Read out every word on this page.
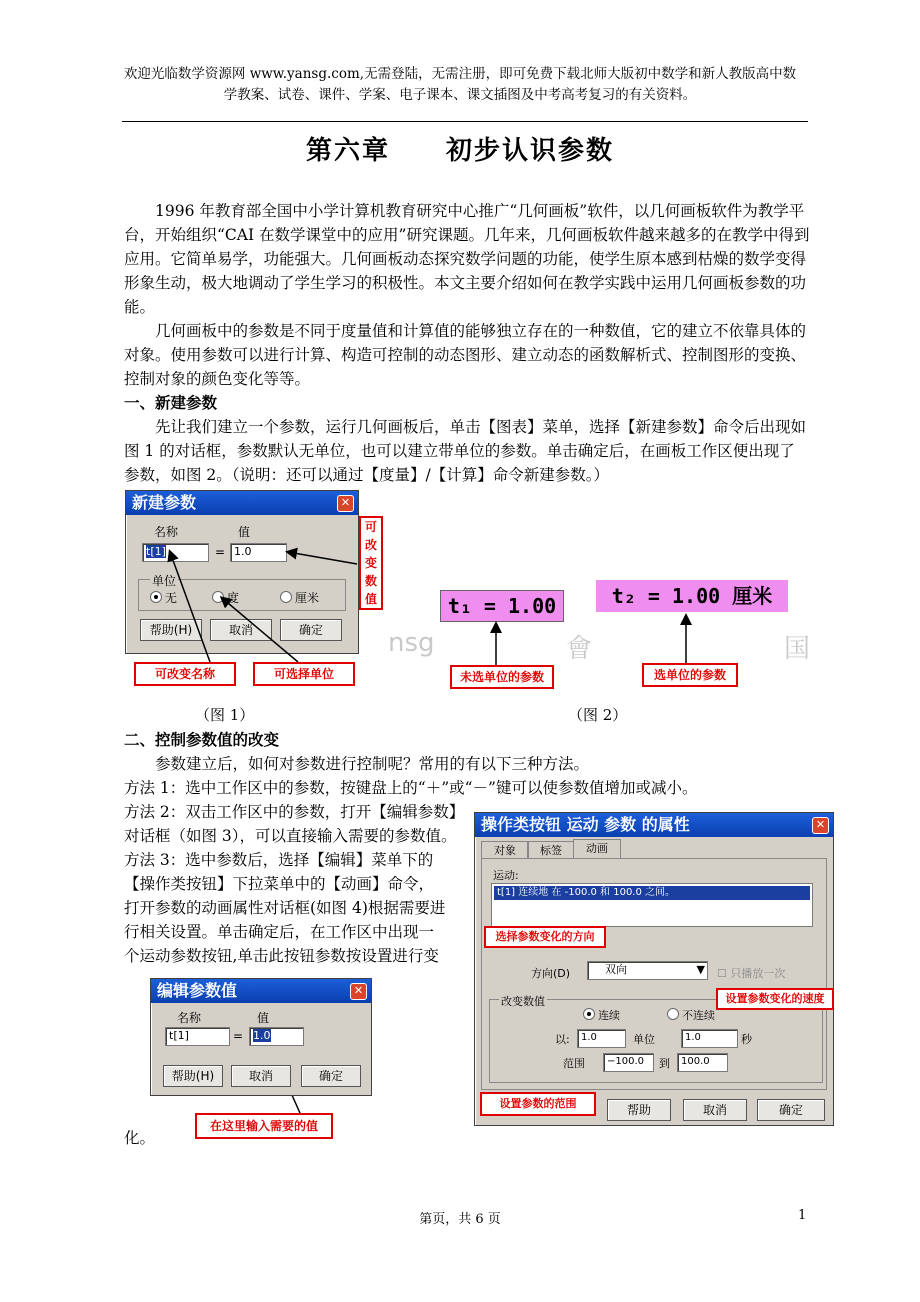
欢迎光临数学资源网 www.yansg.com,无需登陆，无需注册，即可免费下载北师大版初中数学和新人教版高中数
学教案、试卷、课件、学案、电子课本、课文插图及中考高考复习的有关资料。
第六章 初步认识参数

1996 年教育部全国中小学计算机教育研究中心推广“几何画板”软件，以几何画板软件为教学平台，开始组织“CAI 在数学课堂中的应用”研究课题。几年来，几何画板软件越来越多的在教学中得到应用。它简单易学，功能强大。几何画板动态探究数学问题的功能，使学生原本感到枯燥的数学变得形象生动，极大地调动了学生学习的积极性。本文主要介绍如何在教学实践中运用几何画板参数的功能。

几何画板中的参数是不同于度量值和计算值的能够独立存在的一种数值，它的建立不依靠具体的对象。使用参数可以进行计算、构造可控制的动态图形、建立动态的函数解析式、控制图形的变换、控制对象的颜色变化等等。

一、新建参数

先让我们建立一个参数，运行几何画板后，单击【图表】菜单，选择【新建参数】命令后出现如图 1 的对话框，参数默认无单位，也可以建立带单位的参数。单击确定后，在画板工作区便出现了参数，如图 2。（说明：还可以通过【度量】/【计算】命令新建参数。）

新建参数	✕
名称	值
t[1]	= 1.0
单位
无	度	厘米
帮助(H)	取消	确定
可改变数值
可改变名称	可选择单位
nsg	會	国
t₁ = 1.00	t₂ = 1.00 厘米
未选单位的参数	选单位的参数
（图 1）	（图 2）

二、控制参数值的改变

参数建立后，如何对参数进行控制呢？常用的有以下三种方法。

方法 1：选中工作区中的参数，按键盘上的“＋”或“－”键可以使参数值增加或减小。

方法 2：双击工作区中的参数，打开【编辑参数】

对话框（如图 3），可以直接输入需要的参数值。

方法 3：选中参数后，选择【编辑】菜单下的

【操作类按钮】下拉菜单中的【动画】命令，

打开参数的动画属性对话框(如图 4)根据需要进

行相关设置。单击确定后，在工作区中出现一

个运动参数按钮,单击此按钮参数按设置进行变

化。
编辑参数值	✕
名称	值
t[1]	= 1.0
帮助(H)	取消	确定
在这里输入需要的值
操作类按钮 运动 参数 的属性	✕
对象	标签	动画
运动:
t[1] 连续地 在 -100.0 和 100.0 之间。
方向(D)	双向	▼ ☐ 只播放一次
改变数值
连续	不连续
以:	1.0	单位	1.0	秒
范围	−100.0	到	100.0
帮助	取消	确定
选择参数变化的方向
设置参数变化的速度
设置参数的范围
第页，共 6 页	1
